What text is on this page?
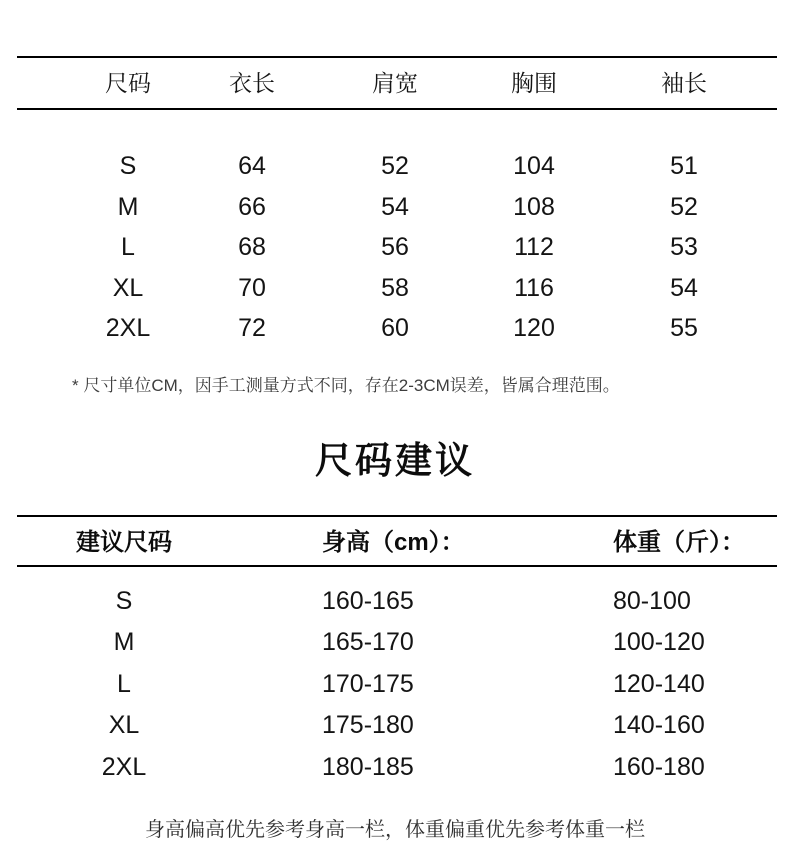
尺码	衣长	肩宽	胸围	袖长
S	64	52	104	51
M	66	54	108	52
L	68	56	112	53
XL	70	58	116	54
2XL	72	60	120	55
* 尺寸单位CM，因手工测量方式不同，存在2-3CM误差，皆属合理范围。
尺码建议
建议尺码	身高（cm）：	体重（斤）：
S	160-165	80-100
M	165-170	100-120
L	170-175	120-140
XL	175-180	140-160
2XL	180-185	160-180
身高偏高优先参考身高一栏，体重偏重优先参考体重一栏
